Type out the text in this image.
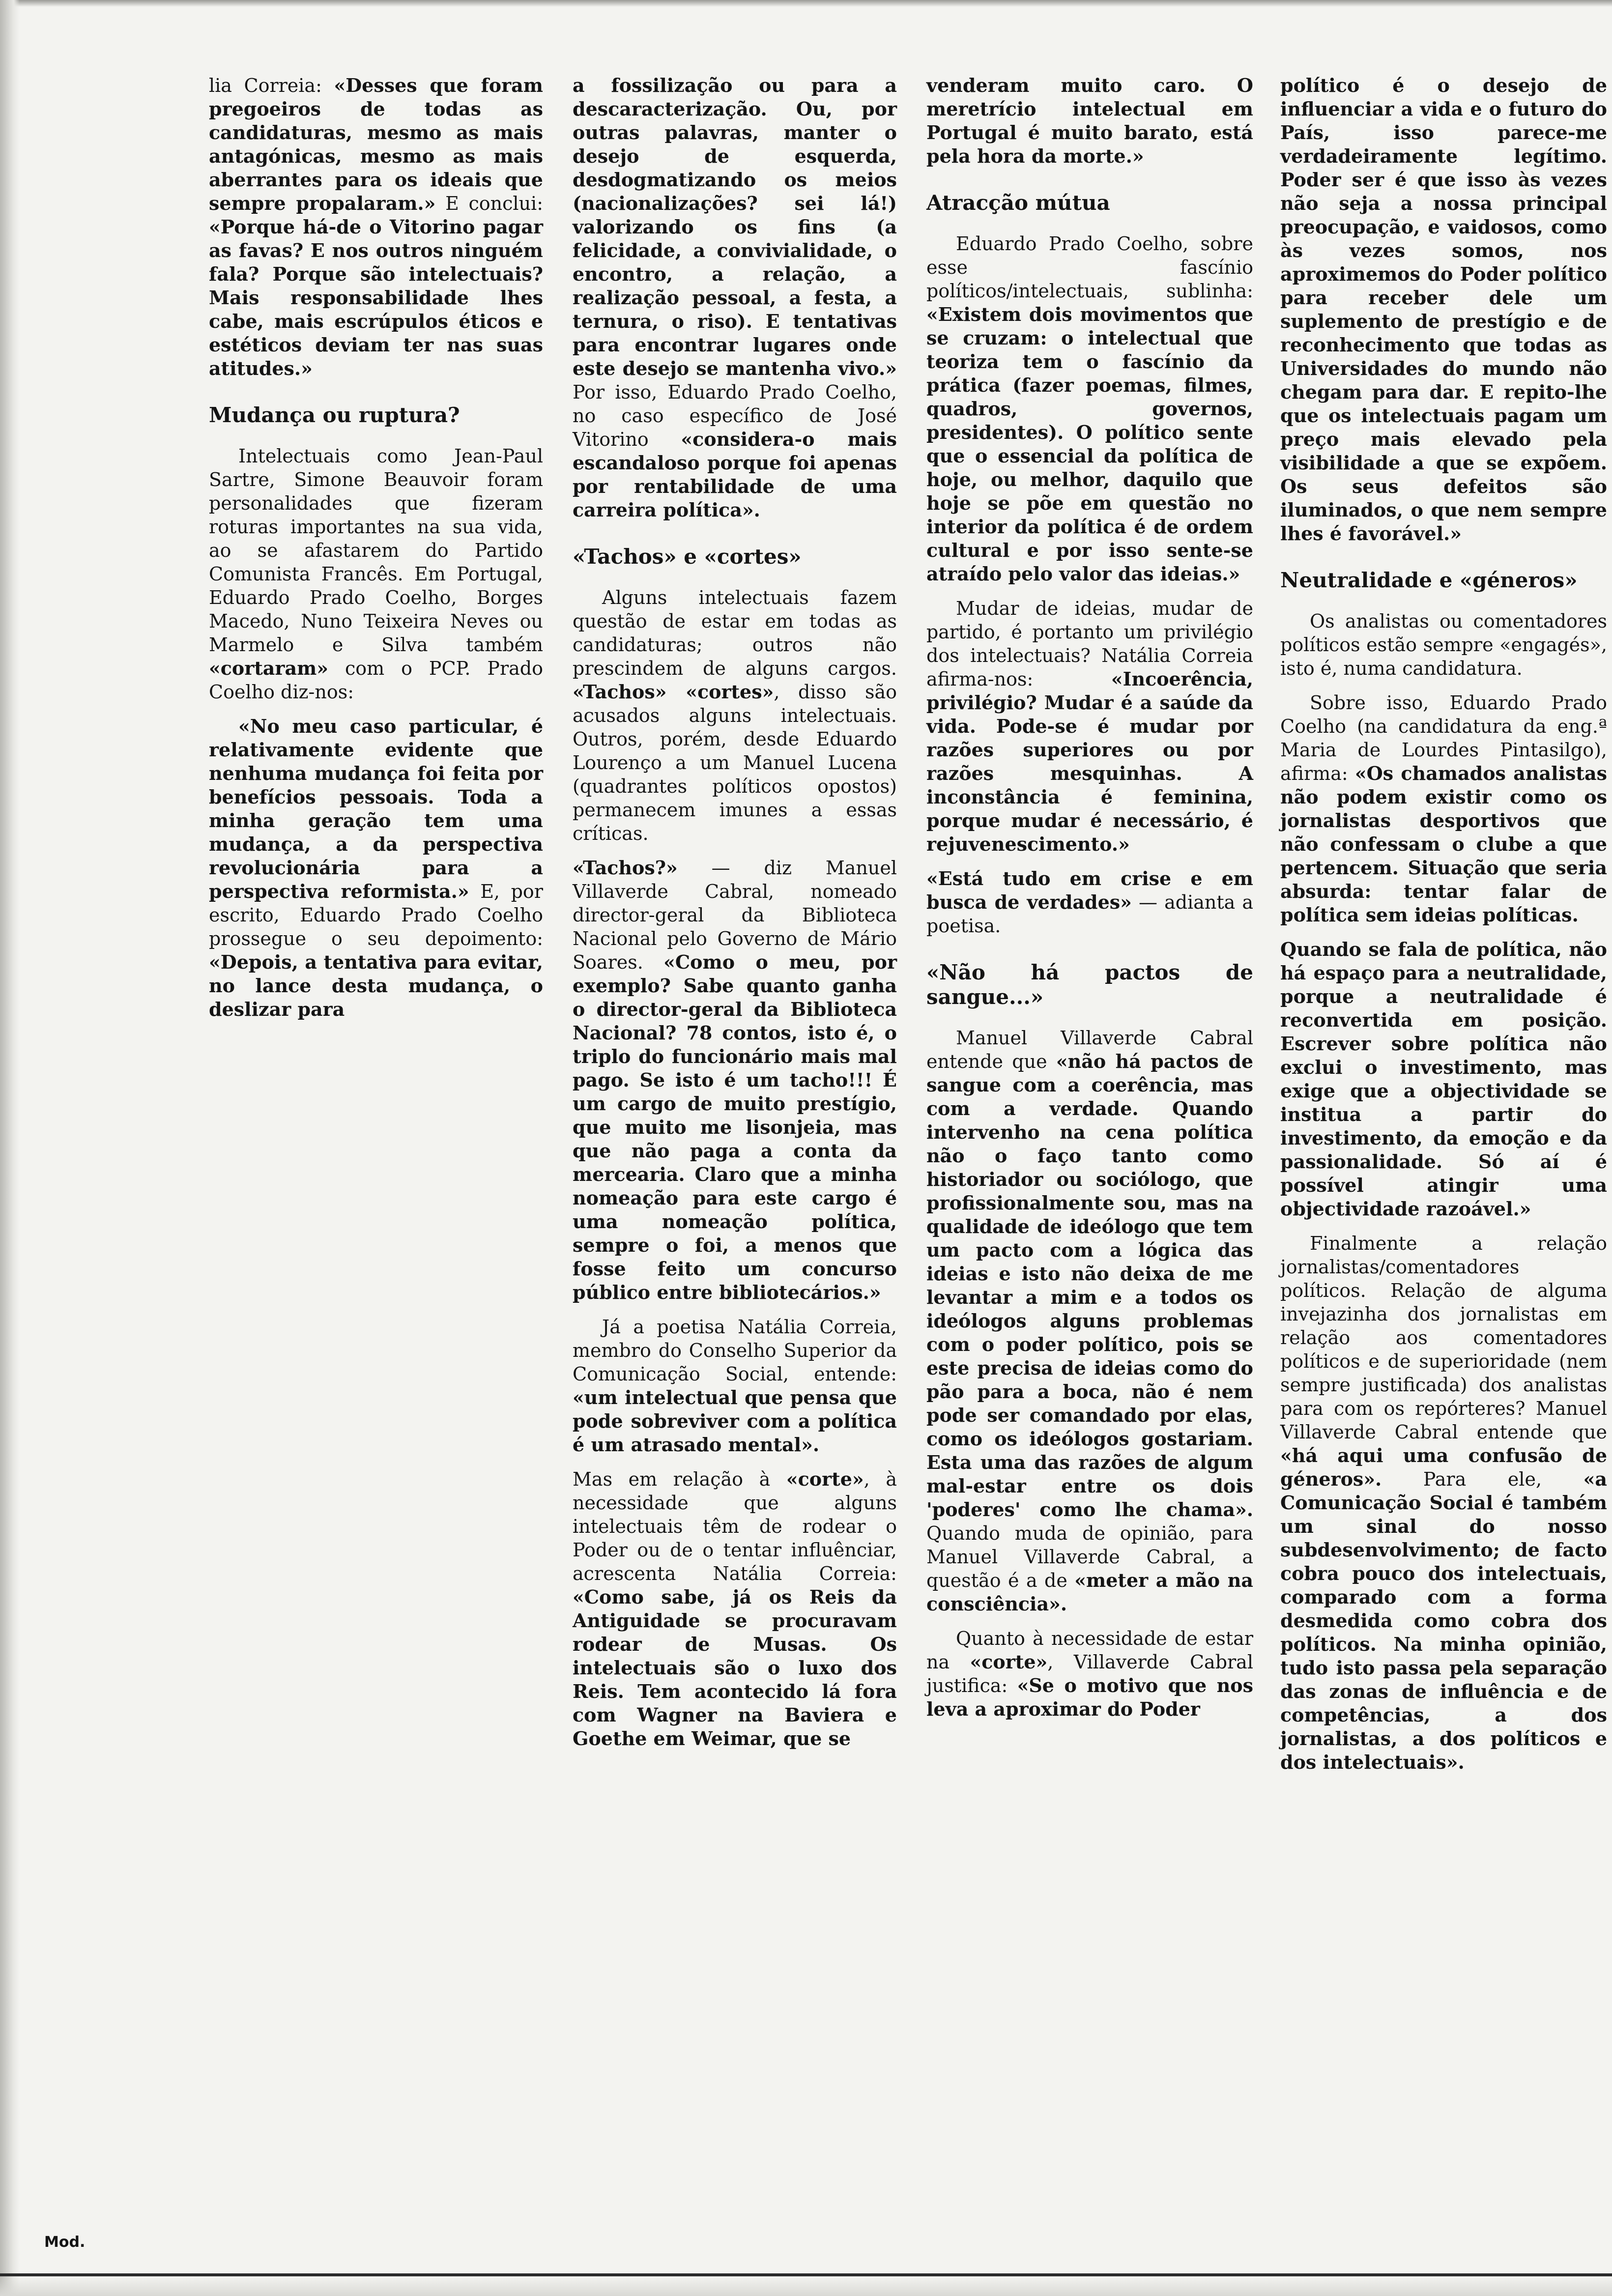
lia Correia: «Desses que foram pregoeiros de todas as candidaturas, mesmo as mais antagónicas, mesmo as mais aberrantes para os ideais que sempre propalaram.» E conclui: «Porque há-de o Vitorino pagar as favas? E nos outros ninguém fala? Porque são intelectuais? Mais responsabilidade lhes cabe, mais escrúpulos éticos e estéticos deviam ter nas suas atitudes.»

Mudança ou ruptura?

Intelectuais como Jean-Paul Sartre, Simone Beauvoir foram personalidades que fizeram roturas importantes na sua vida, ao se afastarem do Partido Comunista Francês. Em Portugal, Eduardo Prado Coelho, Borges Macedo, Nuno Teixeira Neves ou Marmelo e Silva também «cortaram» com o PCP. Prado Coelho diz-nos:

«No meu caso particular, é relativamente evidente que nenhuma mudança foi feita por benefícios pessoais. Toda a minha geração tem uma mudança, a da perspectiva revolucionária para a perspectiva reformista.» E, por escrito, Eduardo Prado Coelho prossegue o seu depoimento: «Depois, a tentativa para evitar, no lance desta mudança, o deslizar para

a fossilização ou para a descaracterização. Ou, por outras palavras, manter o desejo de esquerda, desdogmatizando os meios (nacionalizações? sei lá!) valorizando os fins (a felicidade, a convivialidade, o encontro, a relação, a realização pessoal, a festa, a ternura, o riso). E tentativas para encontrar lugares onde este desejo se mantenha vivo.» Por isso, Eduardo Prado Coelho, no caso específico de José Vitorino «considera-o mais escandaloso porque foi apenas por rentabilidade de uma carreira política».

«Tachos» e «cortes»

Alguns intelectuais fazem questão de estar em todas as candidaturas; outros não prescindem de alguns cargos. «Tachos» «cortes», disso são acusados alguns intelectuais. Outros, porém, desde Eduardo Lourenço a um Manuel Lucena (quadrantes políticos opostos) permanecem imunes a essas críticas.

«Tachos?» — diz Manuel Villaverde Cabral, nomeado director-geral da Biblioteca Nacional pelo Governo de Mário Soares. «Como o meu, por exemplo? Sabe quanto ganha o director-geral da Biblioteca Nacional? 78 contos, isto é, o triplo do funcionário mais mal pago. Se isto é um tacho!!! É um cargo de muito prestígio, que muito me lisonjeia, mas que não paga a conta da mercearia. Claro que a minha nomeação para este cargo é uma nomeação política, sempre o foi, a menos que fosse feito um concurso público entre bibliotecários.»

Já a poetisa Natália Correia, membro do Conselho Superior da Comunicação Social, entende: «um intelectual que pensa que pode sobreviver com a política é um atrasado mental».

Mas em relação à «corte», à necessidade que alguns intelectuais têm de rodear o Poder ou de o tentar influênciar, acrescenta Natália Correia: «Como sabe, já os Reis da Antiguidade se procuravam rodear de Musas. Os intelectuais são o luxo dos Reis. Tem acontecido lá fora com Wagner na Baviera e Goethe em Weimar, que se

venderam muito caro. O meretrício intelectual em Portugal é muito barato, está pela hora da morte.»

Atracção mútua

Eduardo Prado Coelho, sobre esse fascínio políticos/intelectuais, sublinha: «Existem dois movimentos que se cruzam: o intelectual que teoriza tem o fascínio da prática (fazer poemas, filmes, quadros, governos, presidentes). O político sente que o essencial da política de hoje, ou melhor, daquilo que hoje se põe em questão no interior da política é de ordem cultural e por isso sente-se atraído pelo valor das ideias.»

Mudar de ideias, mudar de partido, é portanto um privilégio dos intelectuais? Natália Correia afirma-nos: «Incoerência, privilégio? Mudar é a saúde da vida. Pode-se é mudar por razões superiores ou por razões mesquinhas. A inconstância é feminina, porque mudar é necessário, é rejuvenescimento.»

«Está tudo em crise e em busca de verdades» — adianta a poetisa.

«Não há pactos de sangue...»

Manuel Villaverde Cabral entende que «não há pactos de sangue com a coerência, mas com a verdade. Quando intervenho na cena política não o faço tanto como historiador ou sociólogo, que profissionalmente sou, mas na qualidade de ideólogo que tem um pacto com a lógica das ideias e isto não deixa de me levantar a mim e a todos os ideólogos alguns problemas com o poder político, pois se este precisa de ideias como do pão para a boca, não é nem pode ser comandado por elas, como os ideólogos gostariam. Esta uma das razões de algum mal-estar entre os dois 'poderes' como lhe chama». Quando muda de opinião, para Manuel Villaverde Cabral, a questão é a de «meter a mão na consciência».

Quanto à necessidade de estar na «corte», Villaverde Cabral justifica: «Se o motivo que nos leva a aproximar do Poder

político é o desejo de influenciar a vida e o futuro do País, isso parece-me verdadeiramente legítimo. Poder ser é que isso às vezes não seja a nossa principal preocupação, e vaidosos, como às vezes somos, nos aproximemos do Poder político para receber dele um suplemento de prestígio e de reconhecimento que todas as Universidades do mundo não chegam para dar. E repito-lhe que os intelectuais pagam um preço mais elevado pela visibilidade a que se expõem. Os seus defeitos são iluminados, o que nem sempre lhes é favorável.»

Neutralidade e «géneros»

Os analistas ou comentadores políticos estão sempre «engagés», isto é, numa candidatura.

Sobre isso, Eduardo Prado Coelho (na candidatura da eng.ª Maria de Lourdes Pintasilgo), afirma: «Os chamados analistas não podem existir como os jornalistas desportivos que não confessam o clube a que pertencem. Situação que seria absurda: tentar falar de política sem ideias políticas.

Quando se fala de política, não há espaço para a neutralidade, porque a neutralidade é reconvertida em posição. Escrever sobre política não exclui o investimento, mas exige que a objectividade se institua a partir do investimento, da emoção e da passionalidade. Só aí é possível atingir uma objectividade razoável.»

Finalmente a relação jornalistas/comentadores políticos. Relação de alguma invejazinha dos jornalistas em relação aos comentadores políticos e de superioridade (nem sempre justificada) dos analistas para com os repórteres? Manuel Villaverde Cabral entende que «há aqui uma confusão de géneros». Para ele, «a Comunicação Social é também um sinal do nosso subdesenvolvimento; de facto cobra pouco dos intelectuais, comparado com a forma desmedida como cobra dos políticos. Na minha opinião, tudo isto passa pela separação das zonas de influência e de competências, a dos jornalistas, a dos políticos e dos intelectuais».

Mod.
